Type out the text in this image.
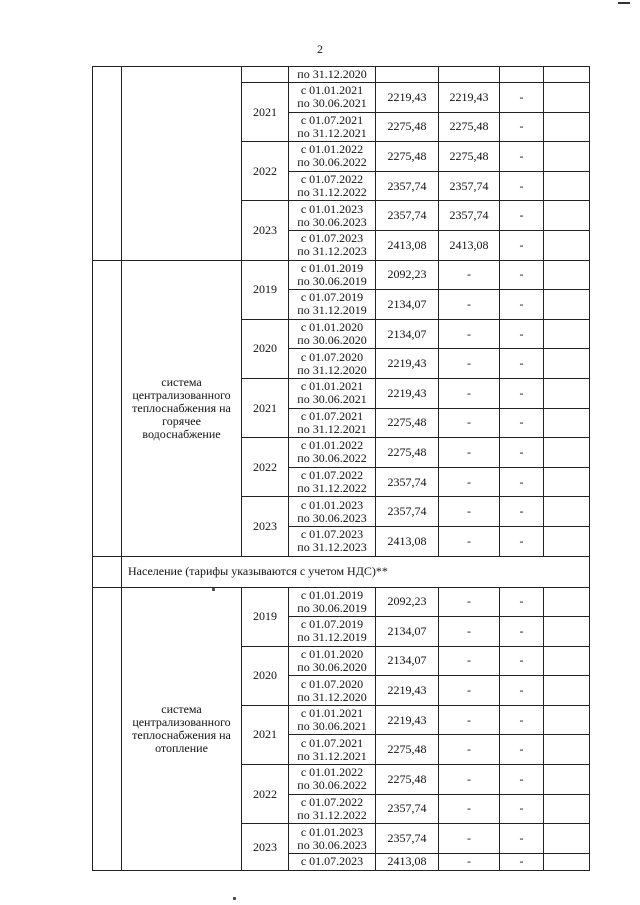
2

			по 31.12.2020				

		2021	с 01.01.2021
по 30.06.2021	2219,43	2219,43	-	

			с 01.07.2021
по 31.12.2021	2275,48	2275,48	-	
		2022	с 01.01.2022
по 30.06.2022	2275,48	2275,48	-	

			с 01.07.2022
по 31.12.2022	2357,74	2357,74	-	
		2023	с 01.01.2023
по 30.06.2023	2357,74	2357,74	-	

			с 01.07.2023
по 31.12.2023	2413,08	2413,08	-	
	система централизованного теплоснабжения на горячее водоснабжение	2019	с 01.01.2019
по 30.06.2019	2092,23	-	-	

			с 01.07.2019
по 31.12.2019	2134,07	-	-	
		2020	с 01.01.2020
по 30.06.2020	2134,07	-	-	

			с 01.07.2020
по 31.12.2020	2219,43	-	-	
		2021	с 01.01.2021
по 30.06.2021	2219,43	-	-	

			с 01.07.2021
по 31.12.2021	2275,48	-	-	
		2022	с 01.01.2022
по 30.06.2022	2275,48	-	-	

			с 01.07.2022
по 31.12.2022	2357,74	-	-	
		2023	с 01.01.2023
по 30.06.2023	2357,74	-	-	

			с 01.07.2023
по 31.12.2023	2413,08	-	-	
	Население (тарифы указываются с учетом НДС)**						
	система централизованного теплоснабжения на отопление	2019	с 01.01.2019
по 30.06.2019	2092,23	-	-	

			с 01.07.2019
по 31.12.2019	2134,07	-	-	
		2020	с 01.01.2020
по 30.06.2020	2134,07	-	-	

			с 01.07.2020
по 31.12.2020	2219,43	-	-	
		2021	с 01.01.2021
по 30.06.2021	2219,43	-	-	

			с 01.07.2021
по 31.12.2021	2275,48	-	-	
		2022	с 01.01.2022
по 30.06.2022	2275,48	-	-	

			с 01.07.2022
по 31.12.2022	2357,74	-	-	
		2023	с 01.01.2023
по 30.06.2023	2357,74	-	-	

			с 01.07.2023	2413,08	-	-	
